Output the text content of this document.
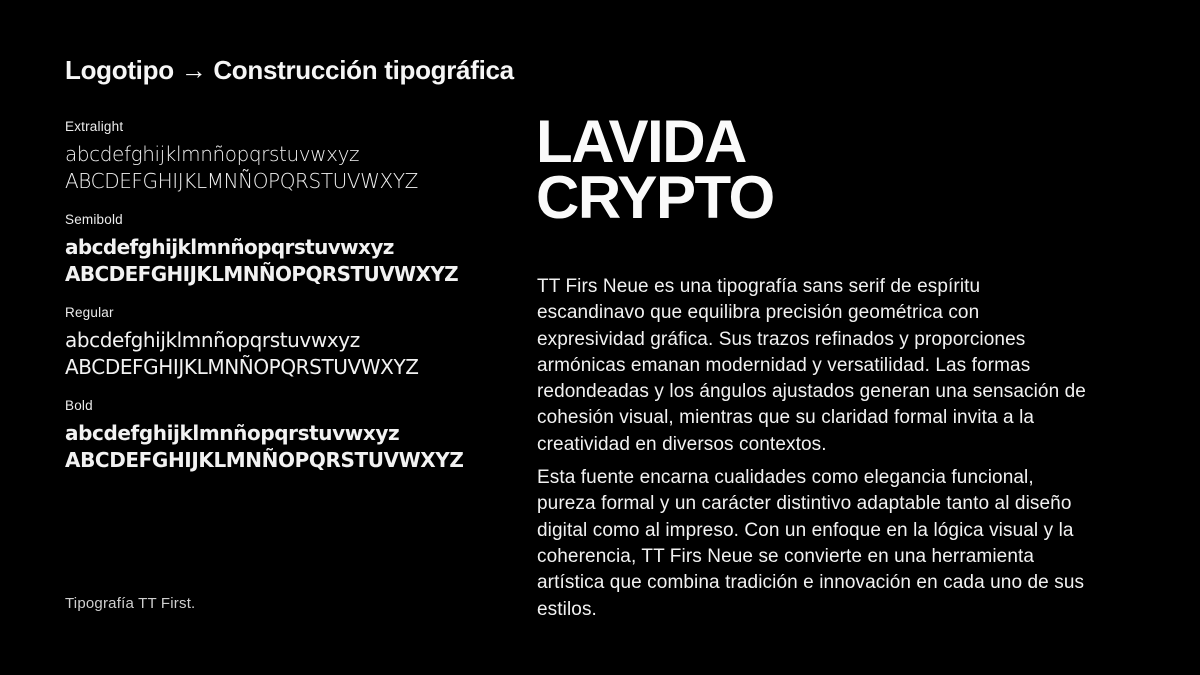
Logotipo → Construcción tipográfica
Extralight
abcdefghijklmnñopqrstuvwxyz
ABCDEFGHIJKLMNÑOPQRSTUVWXYZ
Semibold
abcdefghijklmnñopqrstuvwxyz
ABCDEFGHIJKLMNÑOPQRSTUVWXYZ
Regular
abcdefghijklmnñopqrstuvwxyz
ABCDEFGHIJKLMNÑOPQRSTUVWXYZ
Bold
abcdefghijklmnñopqrstuvwxyz
ABCDEFGHIJKLMNÑOPQRSTUVWXYZ
Tipografía TT First.
LAVIDA
CRYPTO

TT Firs Neue es una tipografía sans serif de espíritu escandinavo que equilibra precisión geométrica con expresividad gráfica. Sus trazos refinados y proporciones armónicas emanan modernidad y versatilidad. Las formas redondeadas y los ángulos ajustados generan una sensación de cohesión visual, mientras que su claridad formal invita a la creatividad en diversos contextos.

Esta fuente encarna cualidades como elegancia funcional, pureza formal y un carácter distintivo adaptable tanto al diseño digital como al impreso. Con un enfoque en la lógica visual y la coherencia, TT Firs Neue se convierte en una herramienta artística que combina tradición e innovación en cada uno de sus estilos.
